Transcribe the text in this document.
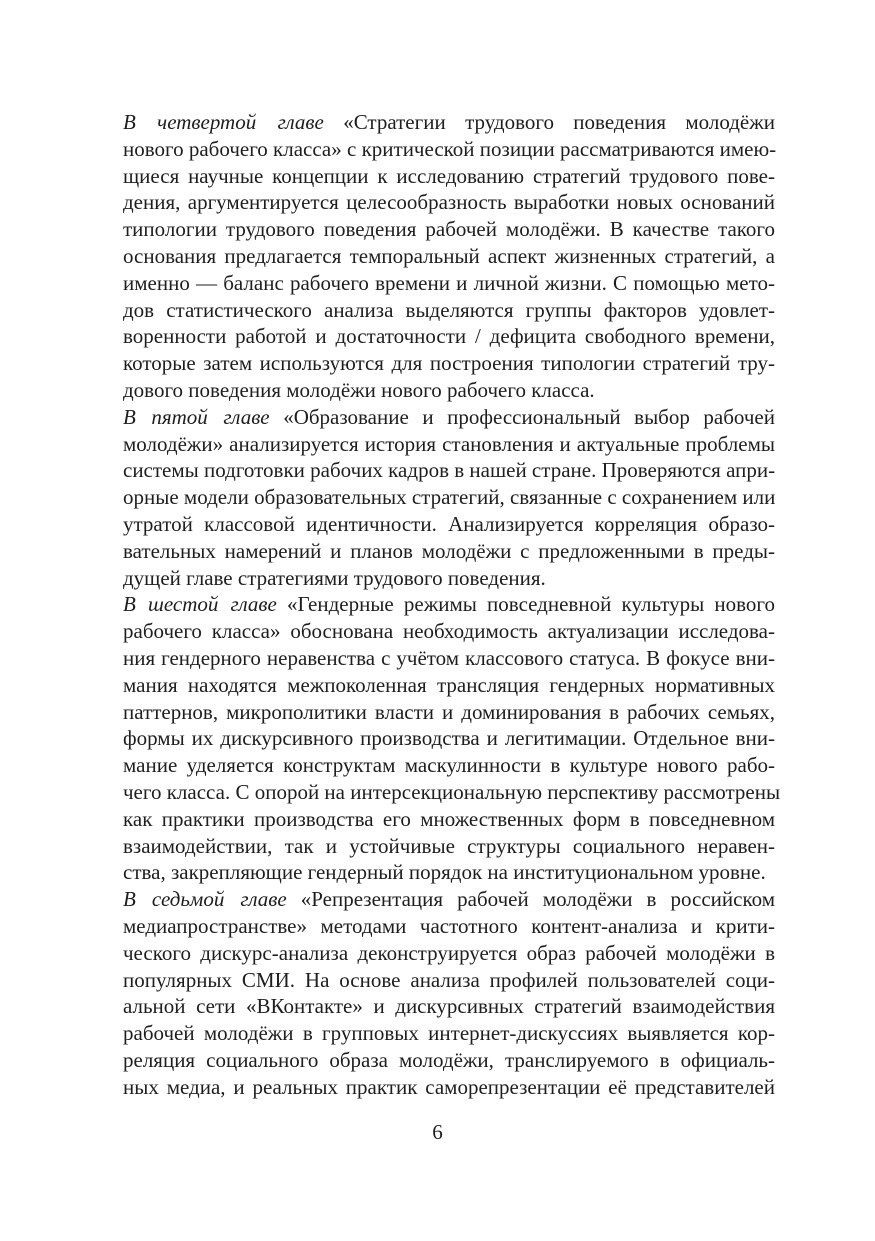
В четвертой главе «Стратегии трудового поведения молодёжи
нового рабочего класса» с критической позиции рассматриваются имею-
щиеся научные концепции к исследованию стратегий трудового пове-
дения, аргументируется целесообразность выработки новых оснований
типологии трудового поведения рабочей молодёжи. В качестве такого
основания предлагается темпоральный аспект жизненных стратегий, а
именно — баланс рабочего времени и личной жизни. С помощью мето-
дов статистического анализа выделяются группы факторов удовлет-
воренности работой и достаточности / дефицита свободного времени,
которые затем используются для построения типологии стратегий тру-
дового поведения молодёжи нового рабочего класса.
В пятой главе «Образование и профессиональный выбор рабочей
молодёжи» анализируется история становления и актуальные проблемы
системы подготовки рабочих кадров в нашей стране. Проверяются апри-
орные модели образовательных стратегий, связанные с сохранением или
утратой классовой идентичности. Анализируется корреляция образо-
вательных намерений и планов молодёжи с предложенными в преды-
дущей главе стратегиями трудового поведения.
В шестой главе «Гендерные режимы повседневной культуры нового
рабочего класса» обоснована необходимость актуализации исследова-
ния гендерного неравенства с учётом классового статуса. В фокусе вни-
мания находятся межпоколенная трансляция гендерных нормативных
паттернов, микрополитики власти и доминирования в рабочих семьях,
формы их дискурсивного производства и легитимации. Отдельное вни-
мание уделяется конструктам маскулинности в культуре нового рабо-
чего класса. С опорой на интерсекциональную перспективу рассмотрены
как практики производства его множественных форм в повседневном
взаимодействии, так и устойчивые структуры социального неравен-
ства, закрепляющие гендерный порядок на институциональном уровне.
В седьмой главе «Репрезентация рабочей молодёжи в российском
медиапространстве» методами частотного контент-анализа и крити-
ческого дискурс-анализа деконструируется образ рабочей молодёжи в
популярных СМИ. На основе анализа профилей пользователей соци-
альной сети «ВКонтакте» и дискурсивных стратегий взаимодействия
рабочей молодёжи в групповых интернет-дискуссиях выявляется кор-
реляция социального образа молодёжи, транслируемого в официаль-
ных медиа, и реальных практик саморепрезентации её представителей
6
